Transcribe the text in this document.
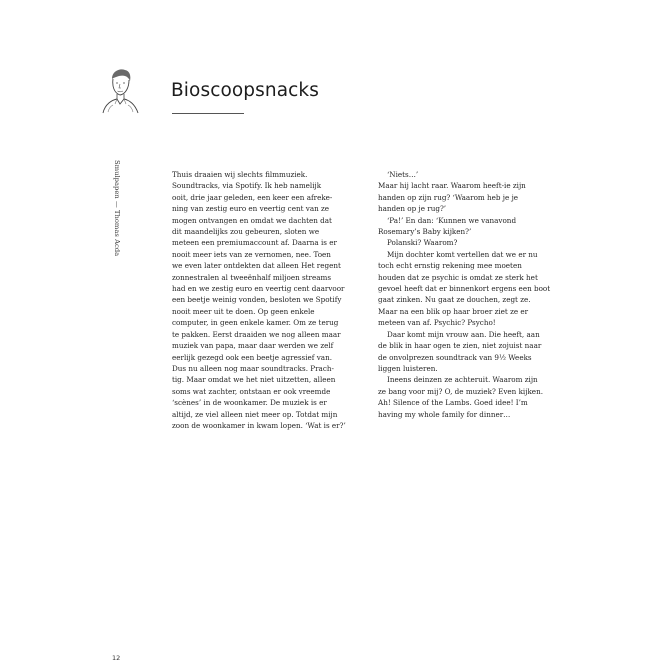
Bioscoopsnacks
Smulpapen — Thomas Acda	Thuis draaien wij slechts filmmuziek.
Soundtracks, via Spotify. Ik heb namelijk
ooit, drie jaar geleden, een keer een afreke-
ning van zestig euro en veertig cent van ze
mogen ontvangen en omdat we dachten dat
dit maandelijks zou gebeuren, sloten we
meteen een premiumaccount af. Daarna is er
nooit meer iets van ze vernomen, nee. Toen
we even later ontdekten dat alleen Het regent
zonnestralen al tweeënhalf miljoen streams
had en we zestig euro en veertig cent daarvoor
een beetje weinig vonden, besloten we Spotify
nooit meer uit te doen. Op geen enkele
computer, in geen enkele kamer. Om ze terug
te pakken. Eerst draaiden we nog alleen maar
muziek van papa, maar daar werden we zelf
eerlijk gezegd ook een beetje agressief van.
Dus nu alleen nog maar soundtracks. Prach-
tig. Maar omdat we het niet uitzetten, alleen
soms wat zachter, ontstaan er ook vreemde
‘scènes’ in de woonkamer. De muziek is er
altijd, ze viel alleen niet meer op. Totdat mijn
zoon de woonkamer in kwam lopen. ‘Wat is er?’
‘Niets…’
Maar hij lacht raar. Waarom heeft-ie zijn
handen op zijn rug? ‘Waarom heb je je
handen op je rug?’
‘Pa!’ En dan: ‘Kunnen we vanavond
Rosemary’s Baby kijken?’
Polanski? Waarom?
Mijn dochter komt vertellen dat we er nu
toch echt ernstig rekening mee moeten
houden dat ze psychic is omdat ze sterk het
gevoel heeft dat er binnenkort ergens een boot
gaat zinken. Nu gaat ze douchen, zegt ze.
Maar na een blik op haar broer ziet ze er
meteen van af. Psychic? Psycho!
Daar komt mijn vrouw aan. Die heeft, aan
de blik in haar ogen te zien, niet zojuist naar
de onvolprezen soundtrack van 9½ Weeks
liggen luisteren.
Ineens deinzen ze achteruit. Waarom zijn
ze bang voor mij? O, de muziek? Even kijken.
Ah! Silence of the Lambs. Goed idee! I’m
having my whole family for dinner…
12
